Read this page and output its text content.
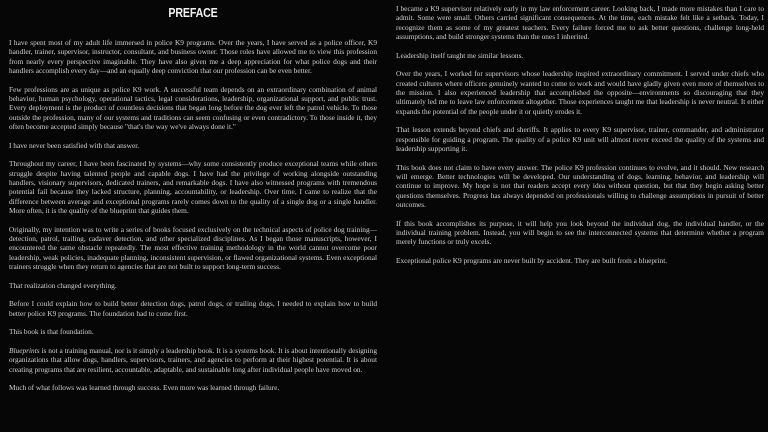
PREFACE

I have spent most of my adult life immersed in police K9 programs. Over the years, I have served as a police officer, K9 handler, trainer, supervisor, instructor, consultant, and business owner. Those roles have allowed me to view this profession from nearly every perspective imaginable. They have also given me a deep appreciation for what police dogs and their handlers accomplish every day—and an equally deep conviction that our profession can be even better.

Few professions are as unique as police K9 work. A successful team depends on an extraordinary combination of animal behavior, human psychology, operational tactics, legal considerations, leadership, organizational support, and public trust. Every deployment is the product of countless decisions that began long before the dog ever left the patrol vehicle. To those outside the profession, many of our systems and traditions can seem confusing or even contradictory. To those inside it, they often become accepted simply because "that's the way we've always done it."

I have never been satisfied with that answer.

Throughout my career, I have been fascinated by systems—why some consistently produce exceptional teams while others struggle despite having talented people and capable dogs. I have had the privilege of working alongside outstanding handlers, visionary supervisors, dedicated trainers, and remarkable dogs. I have also witnessed programs with tremendous potential fail because they lacked structure, planning, accountability, or leadership. Over time, I came to realize that the difference between average and exceptional programs rarely comes down to the quality of a single dog or a single handler. More often, it is the quality of the blueprint that guides them.

Originally, my intention was to write a series of books focused exclusively on the technical aspects of police dog training—detection, patrol, trailing, cadaver detection, and other specialized disciplines. As I began those manuscripts, however, I encountered the same obstacle repeatedly. The most effective training methodology in the world cannot overcome poor leadership, weak policies, inadequate planning, inconsistent supervision, or flawed organizational systems. Even exceptional trainers struggle when they return to agencies that are not built to support long-term success.

That realization changed everything.

Before I could explain how to build better detection dogs, patrol dogs, or trailing dogs, I needed to explain how to build better police K9 programs. The foundation had to come first.

This book is that foundation.

Blueprints is not a training manual, nor is it simply a leadership book. It is a systems book. It is about intentionally designing organizations that allow dogs, handlers, supervisors, trainers, and agencies to perform at their highest potential. It is about creating programs that are resilient, accountable, adaptable, and sustainable long after individual people have moved on.

Much of what follows was learned through success. Even more was learned through failure.

I became a K9 supervisor relatively early in my law enforcement career. Looking back, I made more mistakes than I care to admit. Some were small. Others carried significant consequences. At the time, each mistake felt like a setback. Today, I recognize them as some of my greatest teachers. Every failure forced me to ask better questions, challenge long-held assumptions, and build stronger systems than the ones I inherited.

Leadership itself taught me similar lessons.

Over the years, I worked for supervisors whose leadership inspired extraordinary commitment. I served under chiefs who created cultures where officers genuinely wanted to come to work and would have gladly given even more of themselves to the mission. I also experienced leadership that accomplished the opposite—environments so discouraging that they ultimately led me to leave law enforcement altogether. Those experiences taught me that leadership is never neutral. It either expands the potential of the people under it or quietly erodes it.

That lesson extends beyond chiefs and sheriffs. It applies to every K9 supervisor, trainer, commander, and administrator responsible for guiding a program. The quality of a police K9 unit will almost never exceed the quality of the systems and leadership supporting it.

This book does not claim to have every answer. The police K9 profession continues to evolve, and it should. New research will emerge. Better technologies will be developed. Our understanding of dogs, learning, behavior, and leadership will continue to improve. My hope is not that readers accept every idea without question, but that they begin asking better questions themselves. Progress has always depended on professionals willing to challenge assumptions in pursuit of better outcomes.

If this book accomplishes its purpose, it will help you look beyond the individual dog, the individual handler, or the individual training problem. Instead, you will begin to see the interconnected systems that determine whether a program merely functions or truly excels.

Exceptional police K9 programs are never built by accident. They are built from a blueprint.
